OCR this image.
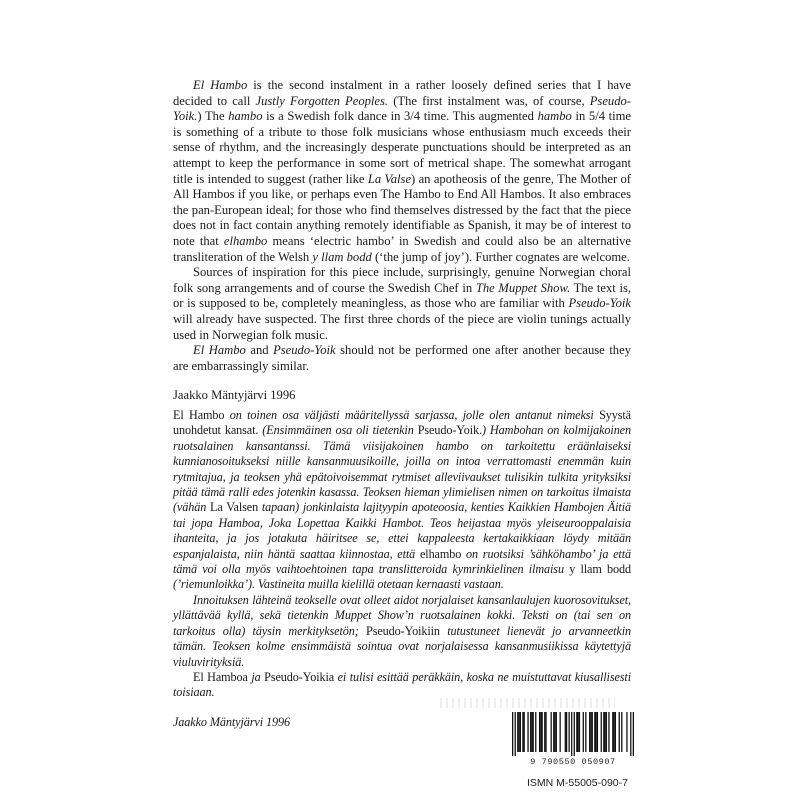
El Hambo is the second instalment in a rather loosely defined series that I have decided to call Justly Forgotten Peoples. (The first instalment was, of course, Pseudo-Yoik.) The hambo is a Swedish folk dance in 3/4 time. This augmented hambo in 5/4 time is something of a tribute to those folk musicians whose enthusiasm much exceeds their sense of rhythm, and the increasingly desperate punctuations should be interpreted as an attempt to keep the performance in some sort of metrical shape. The somewhat arrogant title is intended to suggest (rather like La Valse) an apotheosis of the genre, The Mother of All Hambos if you like, or perhaps even The Hambo to End All Hambos. It also embraces the pan-European ideal; for those who find themselves distressed by the fact that the piece does not in fact contain anything remotely identifiable as Spanish, it may be of interest to note that elhambo means ‘electric hambo’ in Swedish and could also be an alternative transliteration of the Welsh y llam bodd (‘the jump of joy’). Further cognates are welcome.

Sources of inspiration for this piece include, surprisingly, genuine Norwegian choral folk song arrangements and of course the Swedish Chef in The Muppet Show. The text is, or is supposed to be, completely meaningless, as those who are familiar with Pseudo-Yoik will already have suspected. The first three chords of the piece are violin tunings actually used in Norwegian folk music.

El Hambo and Pseudo-Yoik should not be performed one after another because they are embarrassingly similar.

Jaakko Mäntyjärvi 1996

El Hambo on toinen osa väljästi määritellyssä sarjassa, jolle olen antanut nimeksi Syystä unohdetut kansat. (Ensimmäinen osa oli tietenkin Pseudo-Yoik.) Hambohan on kolmijakoinen ruotsalainen kansantanssi. Tämä viisijakoinen hambo on tarkoitettu eräänlaiseksi kunnianosoitukseksi niille kansanmuusikoille, joilla on intoa verrattomasti enemmän kuin rytmitajua, ja teoksen yhä epätoivoisemmat rytmiset alleviivaukset tulisikin tulkita yrityksiksi pitää tämä ralli edes jotenkin kasassa. Teoksen hieman ylimielisen nimen on tarkoitus ilmaista (vähän La Valsen tapaan) jonkinlaista lajityypin apoteoosia, kenties Kaikkien Hambojen Äitiä tai jopa Hamboa, Joka Lopettaa Kaikki Hambot. Teos heijastaa myös yleiseurooppalaisia ihanteita, ja jos jotakuta häiritsee se, ettei kappaleesta kertakaikkiaan löydy mitään espanjalaista, niin häntä saattaa kiinnostaa, että elhambo on ruotsiksi ’sähköhambo’ ja että tämä voi olla myös vaihtoehtoinen tapa translitteroida kymrinkielinen ilmaisu y llam bodd (’riemunloikka’). Vastineita muilla kielillä otetaan kernaasti vastaan.

Innoituksen lähteinä teokselle ovat olleet aidot norjalaiset kansanlaulujen kuorosovitukset, yllättävää kyllä, sekä tietenkin Muppet Show’n ruotsalainen kokki. Teksti on (tai sen on tarkoitus olla) täysin merkityksetön; Pseudo-Yoikiin tutustuneet lienevät jo arvanneetkin tämän. Teoksen kolme ensimmäistä sointua ovat norjalaisessa kansanmusiikissa käytettyjä viuluvirityksiä.

El Hamboa ja Pseudo-Yoikia ei tulisi esittää peräkkäin, koska ne muistuttavat kiusallisesti toisiaan.

Jaakko Mäntyjärvi 1996

9 790550 050907
ISMN M-55005-090-7
